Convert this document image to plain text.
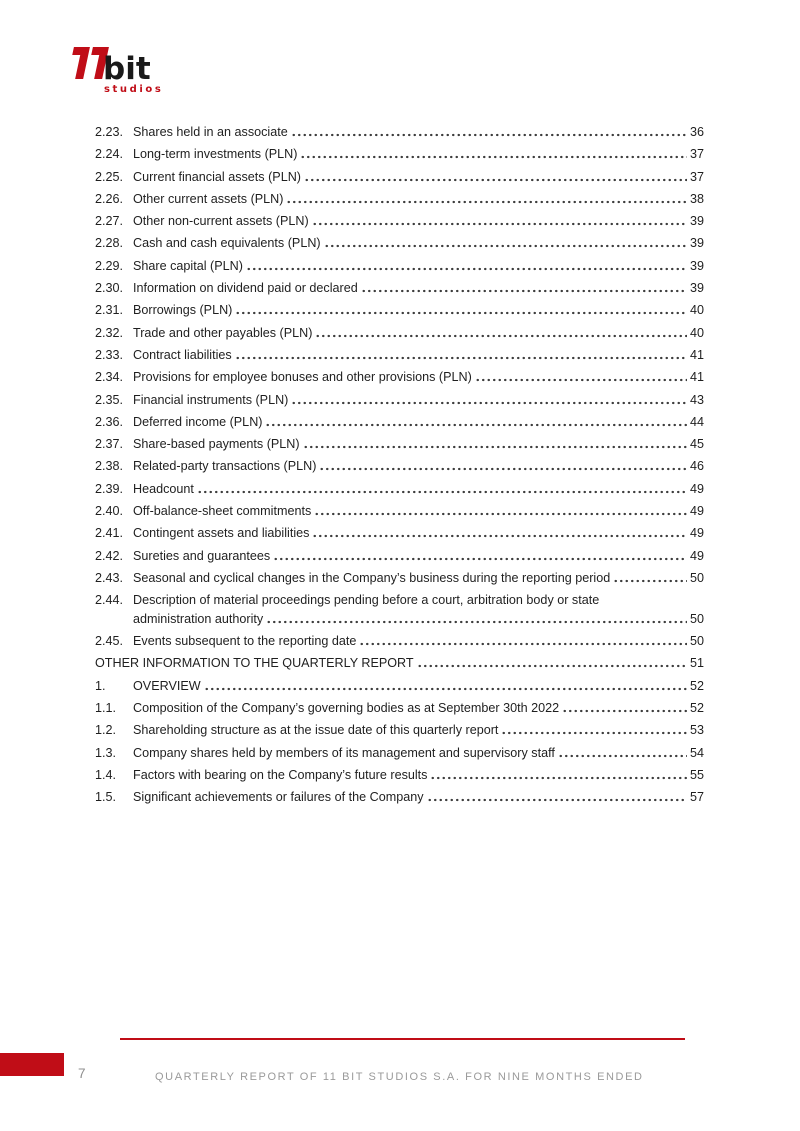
bit
studios
2.23. Shares held in an associate	36
2.24. Long-term investments (PLN)	37
2.25. Current financial assets (PLN)	37
2.26. Other current assets (PLN)	38
2.27. Other non-current assets (PLN)	39
2.28. Cash and cash equivalents (PLN)	39
2.29. Share capital (PLN)	39
2.30. Information on dividend paid or declared	39
2.31. Borrowings (PLN)	40
2.32. Trade and other payables (PLN)	40
2.33. Contract liabilities	41
2.34. Provisions for employee bonuses and other provisions (PLN)	41
2.35. Financial instruments (PLN)	43
2.36. Deferred income (PLN)	44
2.37. Share-based payments (PLN)	45
2.38. Related-party transactions (PLN)	46
2.39. Headcount	49
2.40. Off-balance-sheet commitments	49
2.41. Contingent assets and liabilities	49
2.42. Sureties and guarantees	49
2.43. Seasonal and cyclical changes in the Company’s business during the reporting period	50
2.44. Description of material proceedings pending before a court, arbitration body or state
administration authority	50
2.45. Events subsequent to the reporting date	50
OTHER INFORMATION TO THE QUARTERLY REPORT	51
1.	OVERVIEW	52
1.1.	Composition of the Company’s governing bodies as at September 30th 2022	52
1.2.	Shareholding structure as at the issue date of this quarterly report	53
1.3.	Company shares held by members of its management and supervisory staff	54
1.4.	Factors with bearing on the Company’s future results	55
1.5.	Significant achievements or failures of the Company	57
7	QUARTERLY REPORT OF 11 BIT STUDIOS S.A. FOR NINE MONTHS ENDED
